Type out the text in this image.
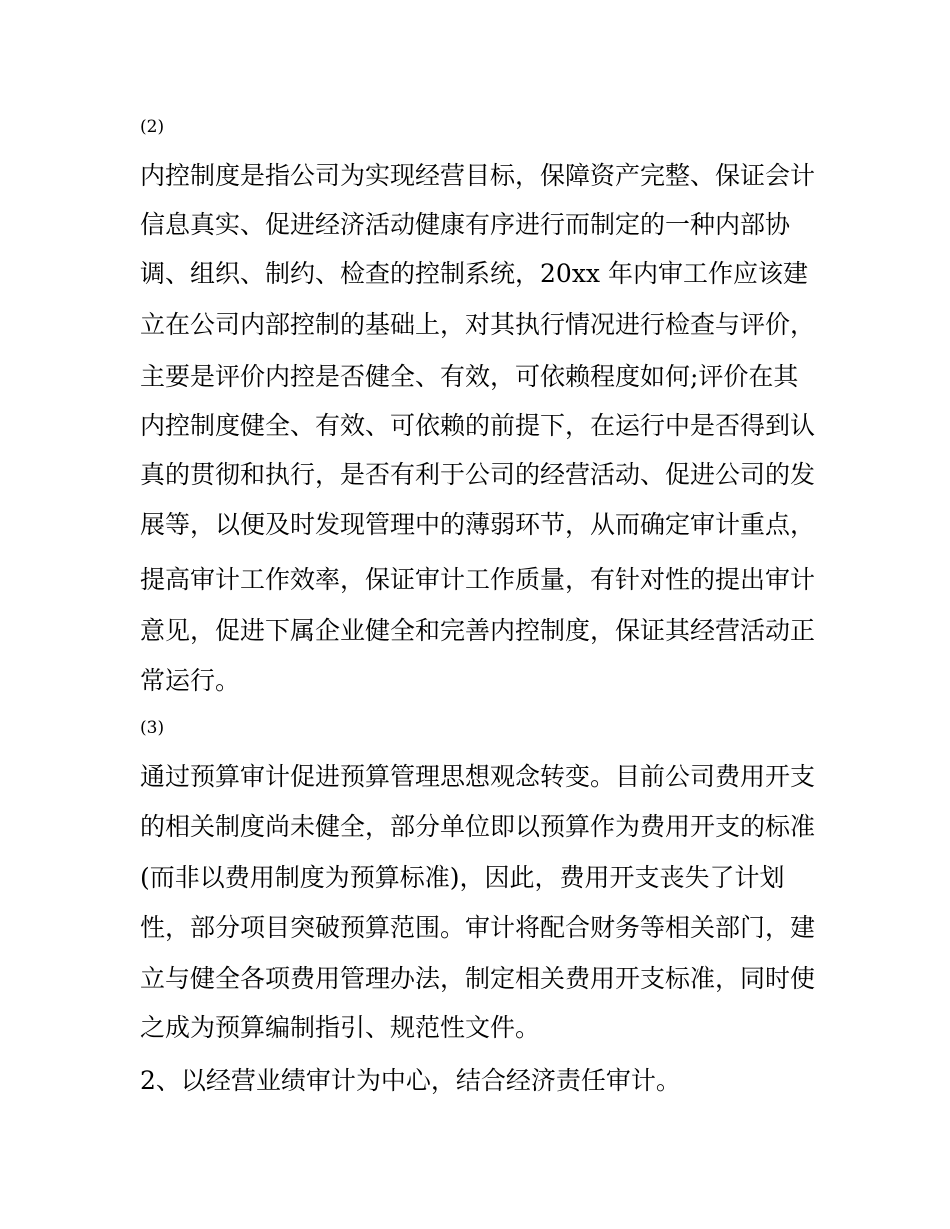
(2)

内控制度是指公司为实现经营目标，保障资产完整、保证会计

信息真实、促进经济活动健康有序进行而制定的一种内部协

调、组织、制约、检查的控制系统，20xx 年内审工作应该建

立在公司内部控制的基础上，对其执行情况进行检查与评价，

主要是评价内控是否健全、有效，可依赖程度如何;评价在其

内控制度健全、有效、可依赖的前提下，在运行中是否得到认

真的贯彻和执行，是否有利于公司的经营活动、促进公司的发

展等，以便及时发现管理中的薄弱环节，从而确定审计重点，

提高审计工作效率，保证审计工作质量，有针对性的提出审计

意见，促进下属企业健全和完善内控制度，保证其经营活动正

常运行。

(3)

通过预算审计促进预算管理思想观念转变。目前公司费用开支

的相关制度尚未健全，部分单位即以预算作为费用开支的标准

(而非以费用制度为预算标准)，因此，费用开支丧失了计划

性，部分项目突破预算范围。审计将配合财务等相关部门，建

立与健全各项费用管理办法，制定相关费用开支标准，同时使

之成为预算编制指引、规范性文件。

2、以经营业绩审计为中心，结合经济责任审计。
